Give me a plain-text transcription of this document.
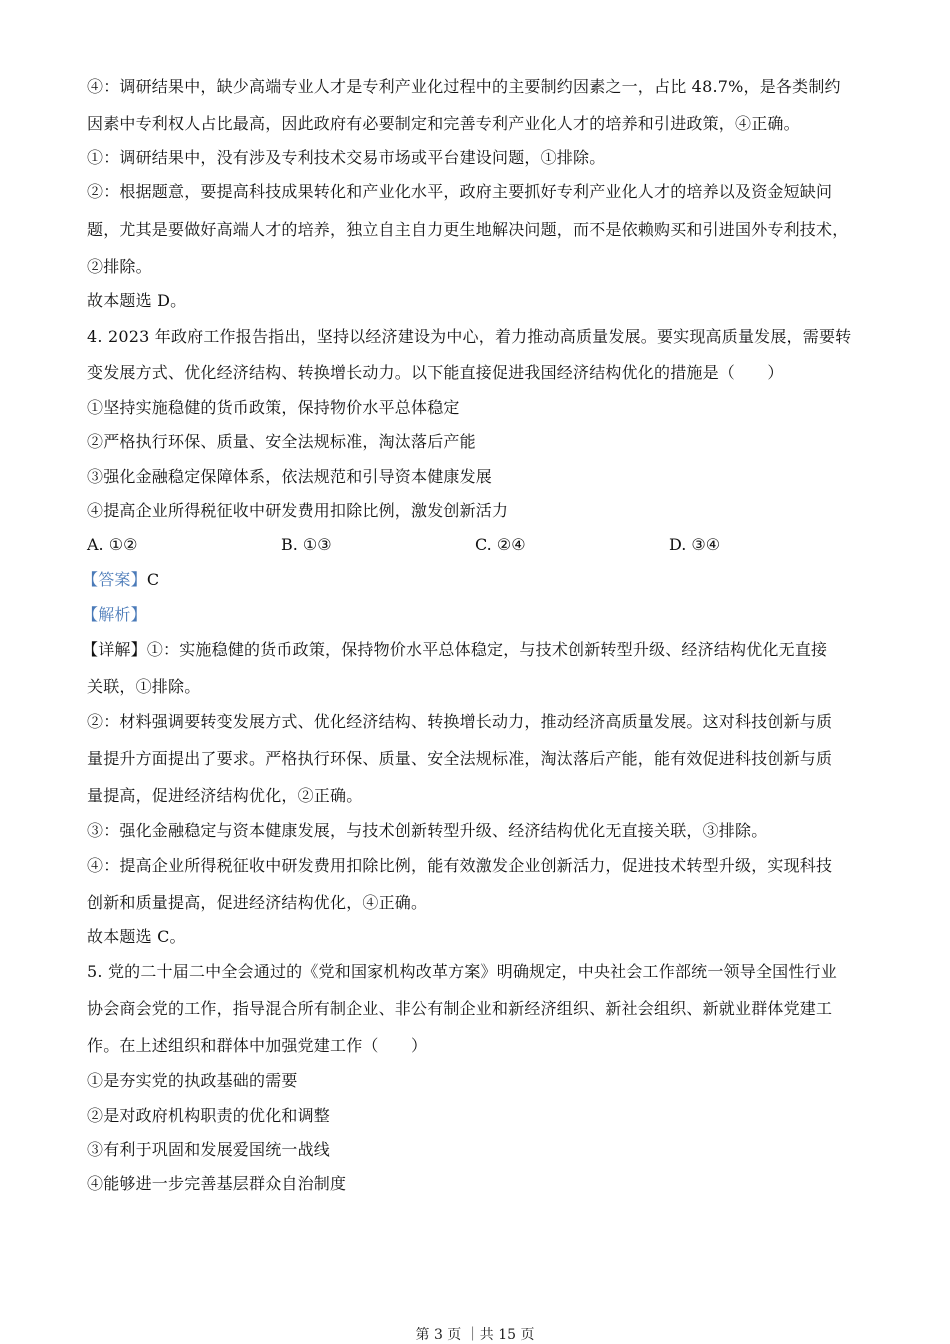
④：调研结果中，缺少高端专业人才是专利产业化过程中的主要制约因素之一，占比 48.7%，是各类制约
因素中专利权人占比最高，因此政府有必要制定和完善专利产业化人才的培养和引进政策，④正确。
①：调研结果中，没有涉及专利技术交易市场或平台建设问题，①排除。
②：根据题意，要提高科技成果转化和产业化水平，政府主要抓好专利产业化人才的培养以及资金短缺问
题，尤其是要做好高端人才的培养，独立自主自力更生地解决问题，而不是依赖购买和引进国外专利技术，
②排除。
故本题选 D。
4. 2023 年政府工作报告指出，坚持以经济建设为中心，着力推动高质量发展。要实现高质量发展，需要转
变发展方式、优化经济结构、转换增长动力。以下能直接促进我国经济结构优化的措施是（　　）
①坚持实施稳健的货币政策，保持物价水平总体稳定
②严格执行环保、质量、安全法规标准，淘汰落后产能
③强化金融稳定保障体系，依法规范和引导资本健康发展
④提高企业所得税征收中研发费用扣除比例，激发创新活力
A. ①②	B. ①③	C. ②④	D. ③④
【答案】C
【解析】
【详解】①：实施稳健的货币政策，保持物价水平总体稳定，与技术创新转型升级、经济结构优化无直接
关联，①排除。
②：材料强调要转变发展方式、优化经济结构、转换增长动力，推动经济高质量发展。这对科技创新与质
量提升方面提出了要求。严格执行环保、质量、安全法规标准，淘汰落后产能，能有效促进科技创新与质
量提高，促进经济结构优化，②正确。
③：强化金融稳定与资本健康发展，与技术创新转型升级、经济结构优化无直接关联，③排除。
④：提高企业所得税征收中研发费用扣除比例，能有效激发企业创新活力，促进技术转型升级，实现科技
创新和质量提高，促进经济结构优化，④正确。
故本题选 C。
5. 党的二十届二中全会通过的《党和国家机构改革方案》明确规定，中央社会工作部统一领导全国性行业
协会商会党的工作，指导混合所有制企业、非公有制企业和新经济组织、新社会组织、新就业群体党建工
作。在上述组织和群体中加强党建工作（　　）
①是夯实党的执政基础的需要
②是对政府机构职责的优化和调整
③有利于巩固和发展爱国统一战线
④能够进一步完善基层群众自治制度
第 3 页 ｜共 15 页
